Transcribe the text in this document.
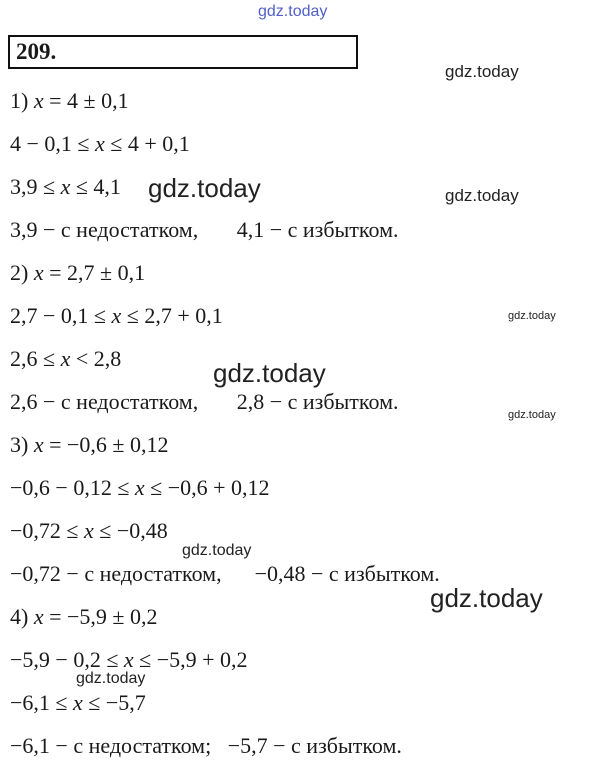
gdz.today
209.
1) x = 4 ± 0,1
4 − 0,1 ≤ x ≤ 4 + 0,1
3,9 ≤ x ≤ 4,1
3,9 − с недостатком,       4,1 − с избытком.
2) x = 2,7 ± 0,1
2,7 − 0,1 ≤ x ≤ 2,7 + 0,1
2,6 ≤ x < 2,8
2,6 − с недостатком,       2,8 − с избытком.
3) x = −0,6 ± 0,12
−0,6 − 0,12 ≤ x ≤ −0,6 + 0,12
−0,72 ≤ x ≤ −0,48
−0,72 − с недостатком,      −0,48 − с избытком.
4) x = −5,9 ± 0,2
−5,9 − 0,2 ≤ x ≤ −5,9 + 0,2
−6,1 ≤ x ≤ −5,7
−6,1 − с недостатком;   −5,7 − с избытком.
gdz.today
gdz.today	gdz.today
gdz.today
gdz.today
gdz.today
gdz.today
gdz.today
gdz.today
